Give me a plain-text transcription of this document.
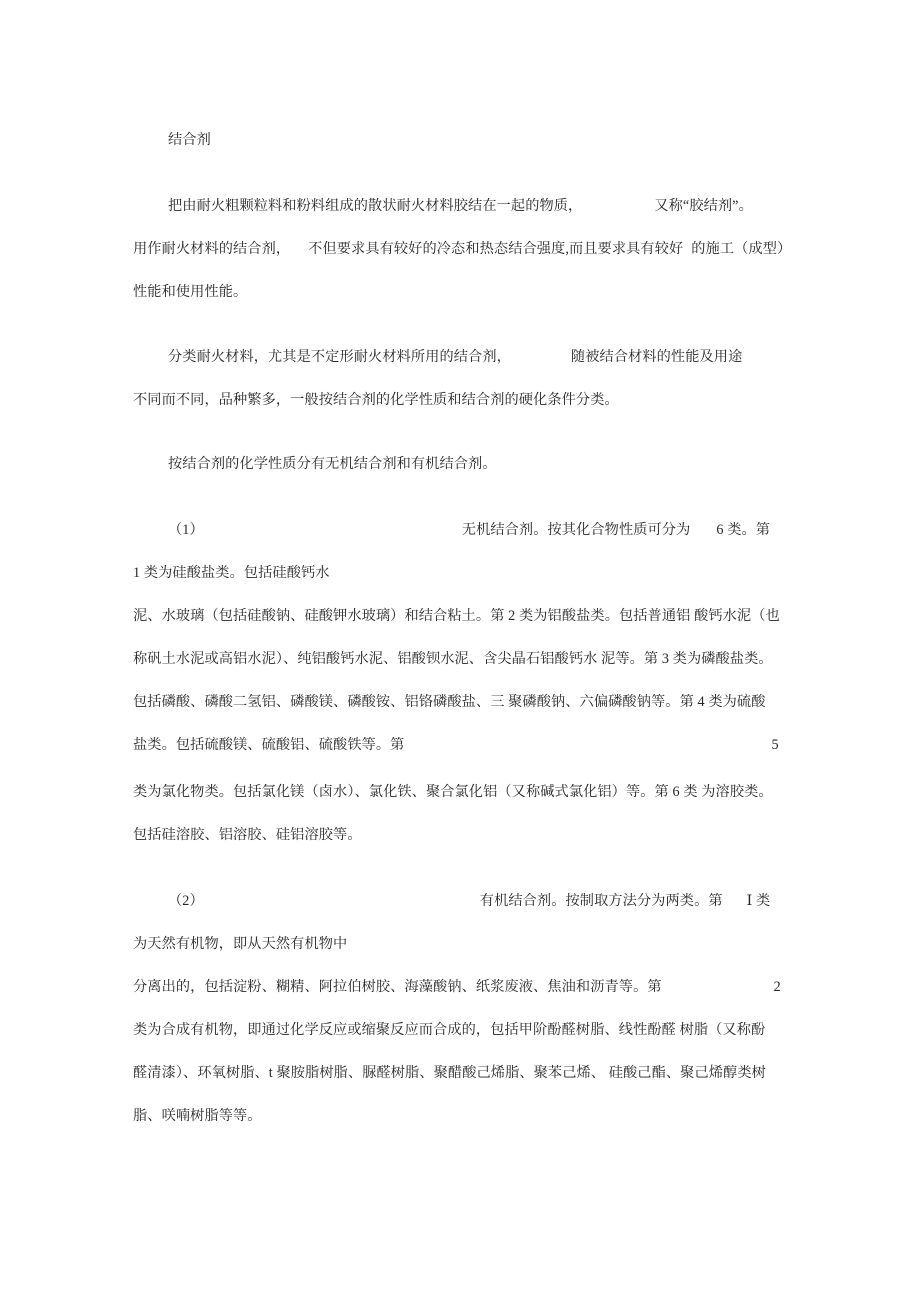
结合剂
把由耐火粗颗粒料和粉料组成的散状耐火材料胶结在一起的物质，	又称“胶结剂”。
用作耐火材料的结合剂， 不但要求具有较好的冷态和热态结合强度,而且要求具有较好 的施工（成型）
性能和使用性能。
分类耐火材料，尤其是不定形耐火材料所用的结合剂，	随被结合材料的性能及用途
不同而不同，品种繁多，一般按结合剂的化学性质和结合剂的硬化条件分类。
按结合剂的化学性质分有无机结合剂和有机结合剂。
（1）	无机结合剂。按其化合物性质可分为 6 类。第
1 类为硅酸盐类。包括硅酸钙水
泥、水玻璃（包括硅酸钠、硅酸钾水玻璃）和结合粘土。第 2 类为铝酸盐类。包括普通铝 酸钙水泥（也
称矾土水泥或高铝水泥）、纯铝酸钙水泥、铝酸钡水泥、含尖晶石铝酸钙水 泥等。第 3 类为磷酸盐类。
包括磷酸、磷酸二氢铝、磷酸镁、磷酸铵、铝铬磷酸盐、三 聚磷酸钠、六偏磷酸钠等。第 4 类为硫酸
盐类。包括硫酸镁、硫酸铝、硫酸铁等。第	5
类为氯化物类。包括氯化镁（卤水）、氯化铁、聚合氯化铝（又称碱式氯化铝）等。第 6 类 为溶胶类。
包括硅溶胶、铝溶胶、硅铝溶胶等。
（2）	有机结合剂。按制取方法分为两类。第 Ⅰ 类
为天然有机物，即从天然有机物中
分离出的，包括淀粉、糊精、阿拉伯树胶、海藻酸钠、纸浆废液、焦油和沥青等。第	2
类为合成有机物，即通过化学反应或缩聚反应而合成的，包括甲阶酚醛树脂、线性酚醛 树脂（又称酚
醛清漆）、环氧树脂、t 聚胺脂树脂、脲醛树脂、聚醋酸己烯脂、聚苯己烯、 硅酸己酯、聚己烯醇类树
脂、咲喃树脂等等。
